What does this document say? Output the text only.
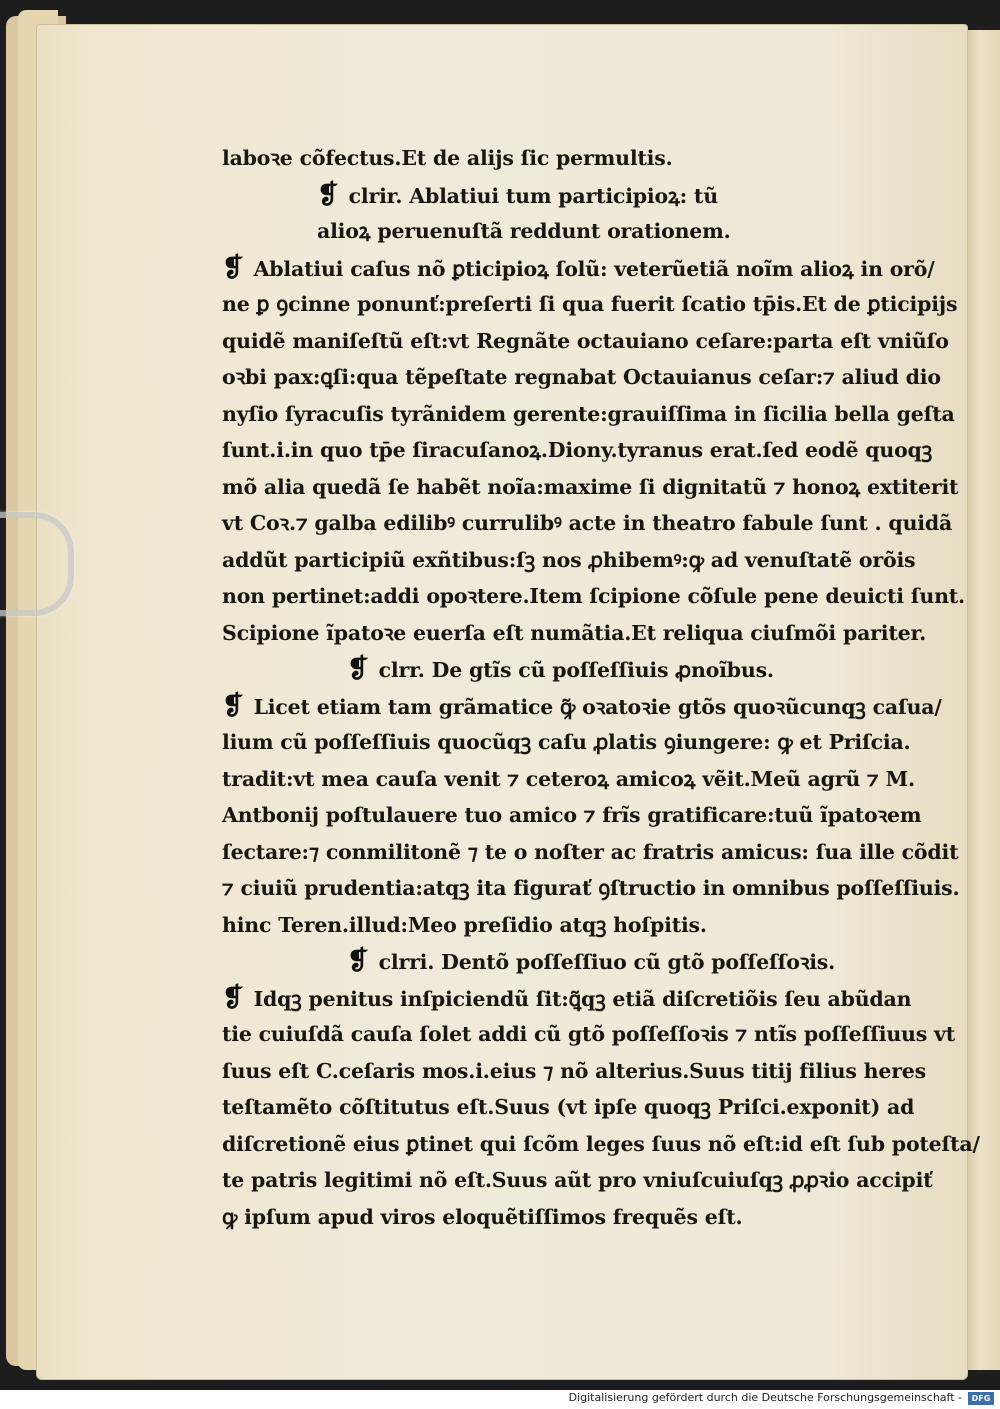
laboꝛe cõfectus.Et de alijs ſic permultis.
❡ clrir. Ablatiui tum participioꝝ: tũ
alioꝝ peruenuſtã reddunt orationem.
❡ Ablatiui caſus nõ ꝑticipioꝝ ſolũ: veterũetiã noĩm alioꝝ in orõ/
ne ꝑ ꝯcinne ponunť:preſerti ſi qua fuerit ſcatio tp̄is.Et de ꝑticipijs
quidẽ maniſeſtũ eſt:vt Regnãte octauiano ceſare:parta eſt vniũſo
oꝛbi pax:ꝗſi:qua tẽpeſtate regnabat Octauianus ceſar:⁊ aliud dio
nyſio ſyracuſis tyrãnidem gerente:grauiſſima in ſicilia bella geſta
ſunt.i.in quo tp̄e ſiracuſanoꝝ.Diony.tyranus erat.ſed eodẽ quoqꝫ
mõ alia quedã ſe habẽt noĩa:maxime ſi dignitatũ ⁊ honoꝝ extiterit
vt Coꝛ.⁊ galba edilibꝰ currulibꝰ acte in theatro fabule ſunt . quidã
addũt participiũ exñtibus:ſꝫ nos ꝓhibemꝰ:ꝙ ad venuſtatẽ orõis
non pertinet:addi opoꝛtere.Item ſcipione cõſule pene deuicti ſunt.
Scipione ĩpatoꝛe euerſa eſt numãtia.Et reliqua ciuſmõi pariter.
❡ clrr. De gtĩs cũ poſſeſſiuis ꝓnoĩbus.
❡ Licet etiam tam grãmatice ꝙ̃ oꝛatoꝛie gtõs quoꝛũcunqꝫ caſua/
lium cũ poſſeſſiuis quocũqꝫ caſu ꝓlatis ꝯiungere: ꝙ et Priſcia.
tradit:vt mea cauſa venit ⁊ ceteroꝝ amicoꝝ vẽit.Meũ agrũ ⁊ M.
Antbonij poſtulauere tuo amico ⁊ frĩs gratificare:tuũ ĩpatoꝛem
ſectare:⁊ conmilitonẽ ⁊ te o noſter ac fratris amicus: ſua ille cõdit
⁊ ciuiũ prudentia:atqꝫ ita figurať ꝯſtructio in omnibus poſſeſſiuis.
hinc Teren.illud:Meo preſidio atqꝫ hoſpitis.
❡ clrri. Dentõ poſſeſſiuo cũ gtõ poſſeſſoꝛis.
❡ Idqꝫ penitus inſpiciendũ ſit:ꝗ̃qꝫ etiã diſcretiõis ſeu abũdan
tie cuiuſdã cauſa ſolet addi cũ gtõ poſſeſſoꝛis ⁊ ntĩs poſſeſſiuus vt
ſuus eſt C.ceſaris mos.i.eius ⁊ nõ alterius.Suus titij filius heres
teſtamẽto cõſtitutus eſt.Suus (vt ipſe quoqꝫ Priſci.exponit) ad
diſcretionẽ eius ꝑtinet qui ſcõm leges ſuus nõ eſt:id eſt ſub poteſta/
te patris legitimi nõ eſt.Suus aũt pro vniuſcuiuſqꝫ ꝓꝓꝛio accipiť
ꝙ ipſum apud viros eloquẽtiſſimos frequẽs eſt.
Digitalisierung gefördert durch die Deutsche Forschungsgemeinschaft -	DFG
